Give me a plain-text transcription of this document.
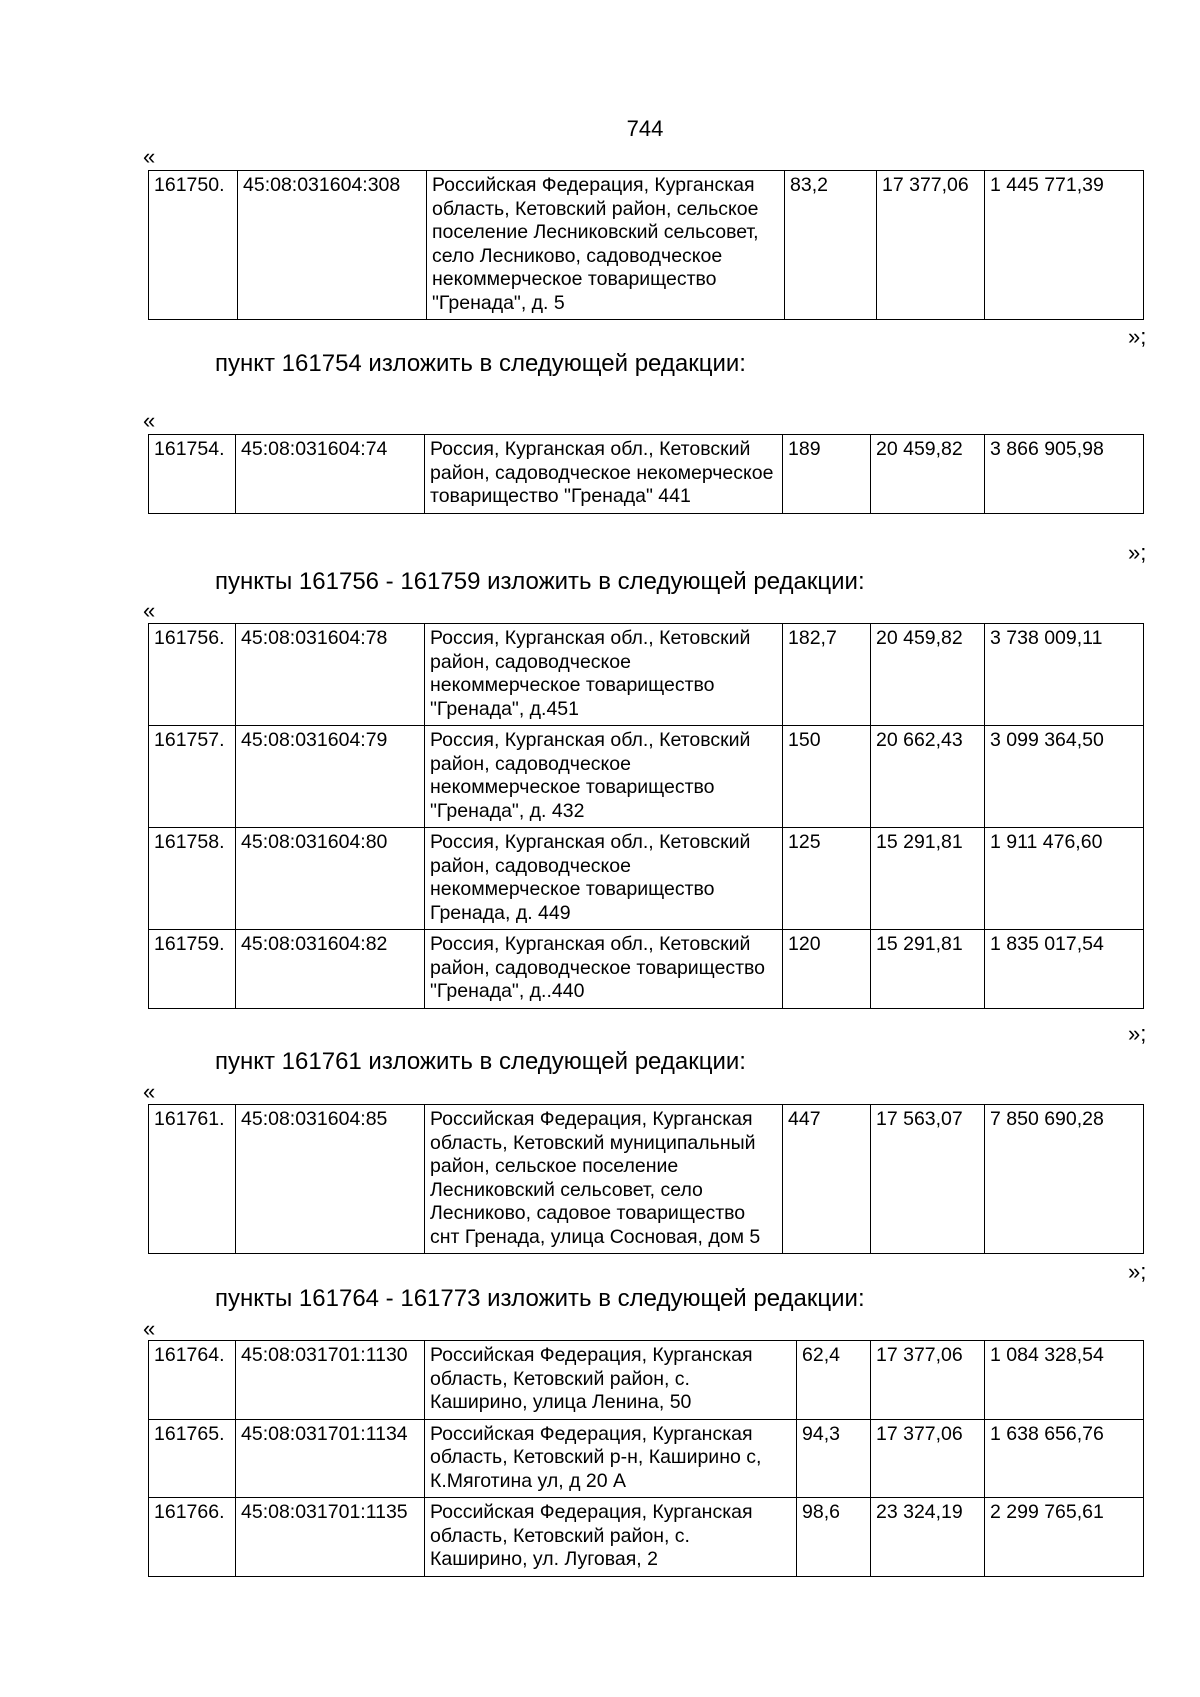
744
«
161750.	45:08:031604:308	Российская Федерация, Курганская область, Кетовский район, сельское поселение Лесниковский сельсовет, село Лесниково, садоводческое некоммерческое товарищество "Гренада", д. 5	83,2	17 377,06	1 445 771,39
»;
пункт 161754 изложить в следующей редакции:
«
161754.	45:08:031604:74	Россия, Курганская обл., Кетовский район, садоводческое некомерческое товарищество "Гренада" 441	189	20 459,82	3 866 905,98
»;
пункты 161756 - 161759 изложить в следующей редакции:
«
161756.	45:08:031604:78	Россия, Курганская обл., Кетовский район, садоводческое некоммерческое товарищество "Гренада", д.451	182,7	20 459,82	3 738 009,11
161757.	45:08:031604:79	Россия, Курганская обл., Кетовский район, садоводческое некоммерческое товарищество "Гренада", д. 432	150	20 662,43	3 099 364,50
161758.	45:08:031604:80	Россия, Курганская обл., Кетовский район, садоводческое некоммерческое товарищество Гренада, д. 449	125	15 291,81	1 911 476,60
161759.	45:08:031604:82	Россия, Курганская обл., Кетовский район, садоводческое товарищество "Гренада", д..440	120	15 291,81	1 835 017,54
»;
пункт 161761 изложить в следующей редакции:
«
161761.	45:08:031604:85	Российская Федерация, Курганская область, Кетовский муниципальный район, сельское поселение Лесниковский сельсовет, село Лесниково, садовое товарищество снт Гренада, улица Сосновая, дом 5	447	17 563,07	7 850 690,28
»;
пункты 161764 - 161773 изложить в следующей редакции:
«
161764.	45:08:031701:1130	Российская Федерация, Курганская область, Кетовский район, с. Каширино, улица Ленина, 50	62,4	17 377,06	1 084 328,54
161765.	45:08:031701:1134	Российская Федерация, Курганская область, Кетовский р-н, Каширино с, К.Мяготина ул, д 20 А	94,3	17 377,06	1 638 656,76
161766.	45:08:031701:1135	Российская Федерация, Курганская область, Кетовский район, с. Каширино, ул. Луговая, 2	98,6	23 324,19	2 299 765,61
